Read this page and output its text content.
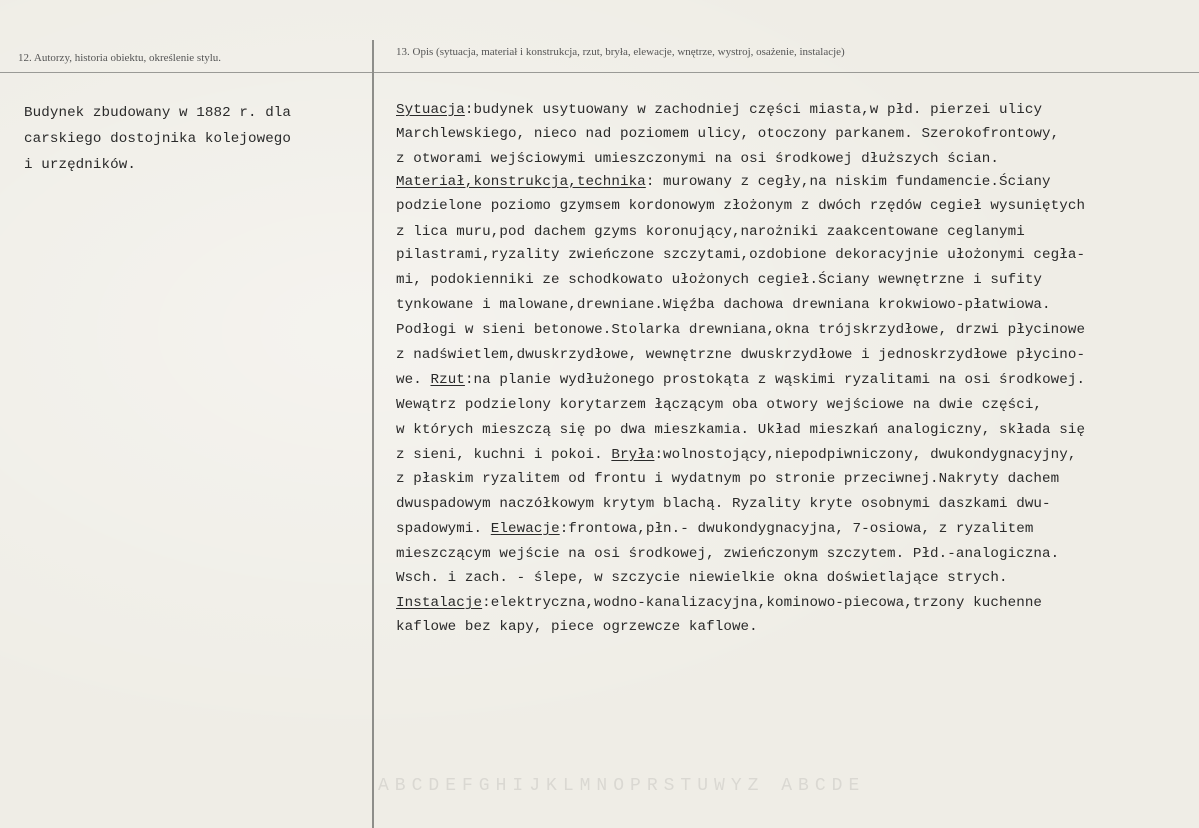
12. Autorzy, historia obiektu, określenie stylu.	13. Opis (sytuacja, materiał i konstrukcja, rzut, bryła, elewacje, wnętrze, wystroj, osażenie, instalacje)
Budynek zbudowany w 1882 r. dla
carskiego dostojnika kolejowego
i urzędników.
Sytuacja:budynek usytuowany w zachodniej części miasta,w płd. pierzei ulicy
Marchlewskiego, nieco nad poziomem ulicy, otoczony parkanem. Szerokofrontowy,
z otworami wejściowymi umieszczonymi na osi środkowej dłuższych ścian.
Materiał,konstrukcja,technika: murowany z cegły,na niskim fundamencie.Ściany
podzielone poziomo gzymsem kordonowym złożonym z dwóch rzędów cegieł wysuniętych
z lica muru,pod dachem gzyms koronujący,narożniki zaakcentowane ceglanymi
pilastrami,ryzality zwieńczone szczytami,ozdobione dekoracyjnie ułożonymi cegła-
mi, podokienniki ze schodkowato ułożonych cegieł.Ściany wewnętrzne i sufity
tynkowane i malowane,drewniane.Więźba dachowa drewniana krokwiowo-płatwiowa.
Podłogi w sieni betonowe.Stolarka drewniana,okna trójskrzydłowe, drzwi płycinowe
z nadświetlem,dwuskrzydłowe, wewnętrzne dwuskrzydłowe i jednoskrzydłowe płycino-
we. Rzut:na planie wydłużonego prostokąta z wąskimi ryzalitami na osi środkowej.
Wewątrz podzielony korytarzem łączącym oba otwory wejściowe na dwie części,
w których mieszczą się po dwa mieszkamia. Układ mieszkań analogiczny, składa się
z sieni, kuchni i pokoi. Bryła:wolnostojący,niepodpiwniczony, dwukondygnacyjny,
z płaskim ryzalitem od frontu i wydatnym po stronie przeciwnej.Nakryty dachem
dwuspadowym naczółkowym krytym blachą. Ryzality kryte osobnymi daszkami dwu-
spadowymi. Elewacje:frontowa,płn.- dwukondygnacyjna, 7-osiowa, z ryzalitem
mieszczącym wejście na osi środkowej, zwieńczonym szczytem. Płd.-analogiczna.
Wsch. i zach. - ślepe, w szczycie niewielkie okna doświetlające strych.
Instalacje:elektryczna,wodno-kanalizacyjna,kominowo-piecowa,trzony kuchenne
kaflowe bez kapy, piece ogrzewcze kaflowe.
ABCDEFGHIJKLMNOPRSTUWYZ ABCDE
